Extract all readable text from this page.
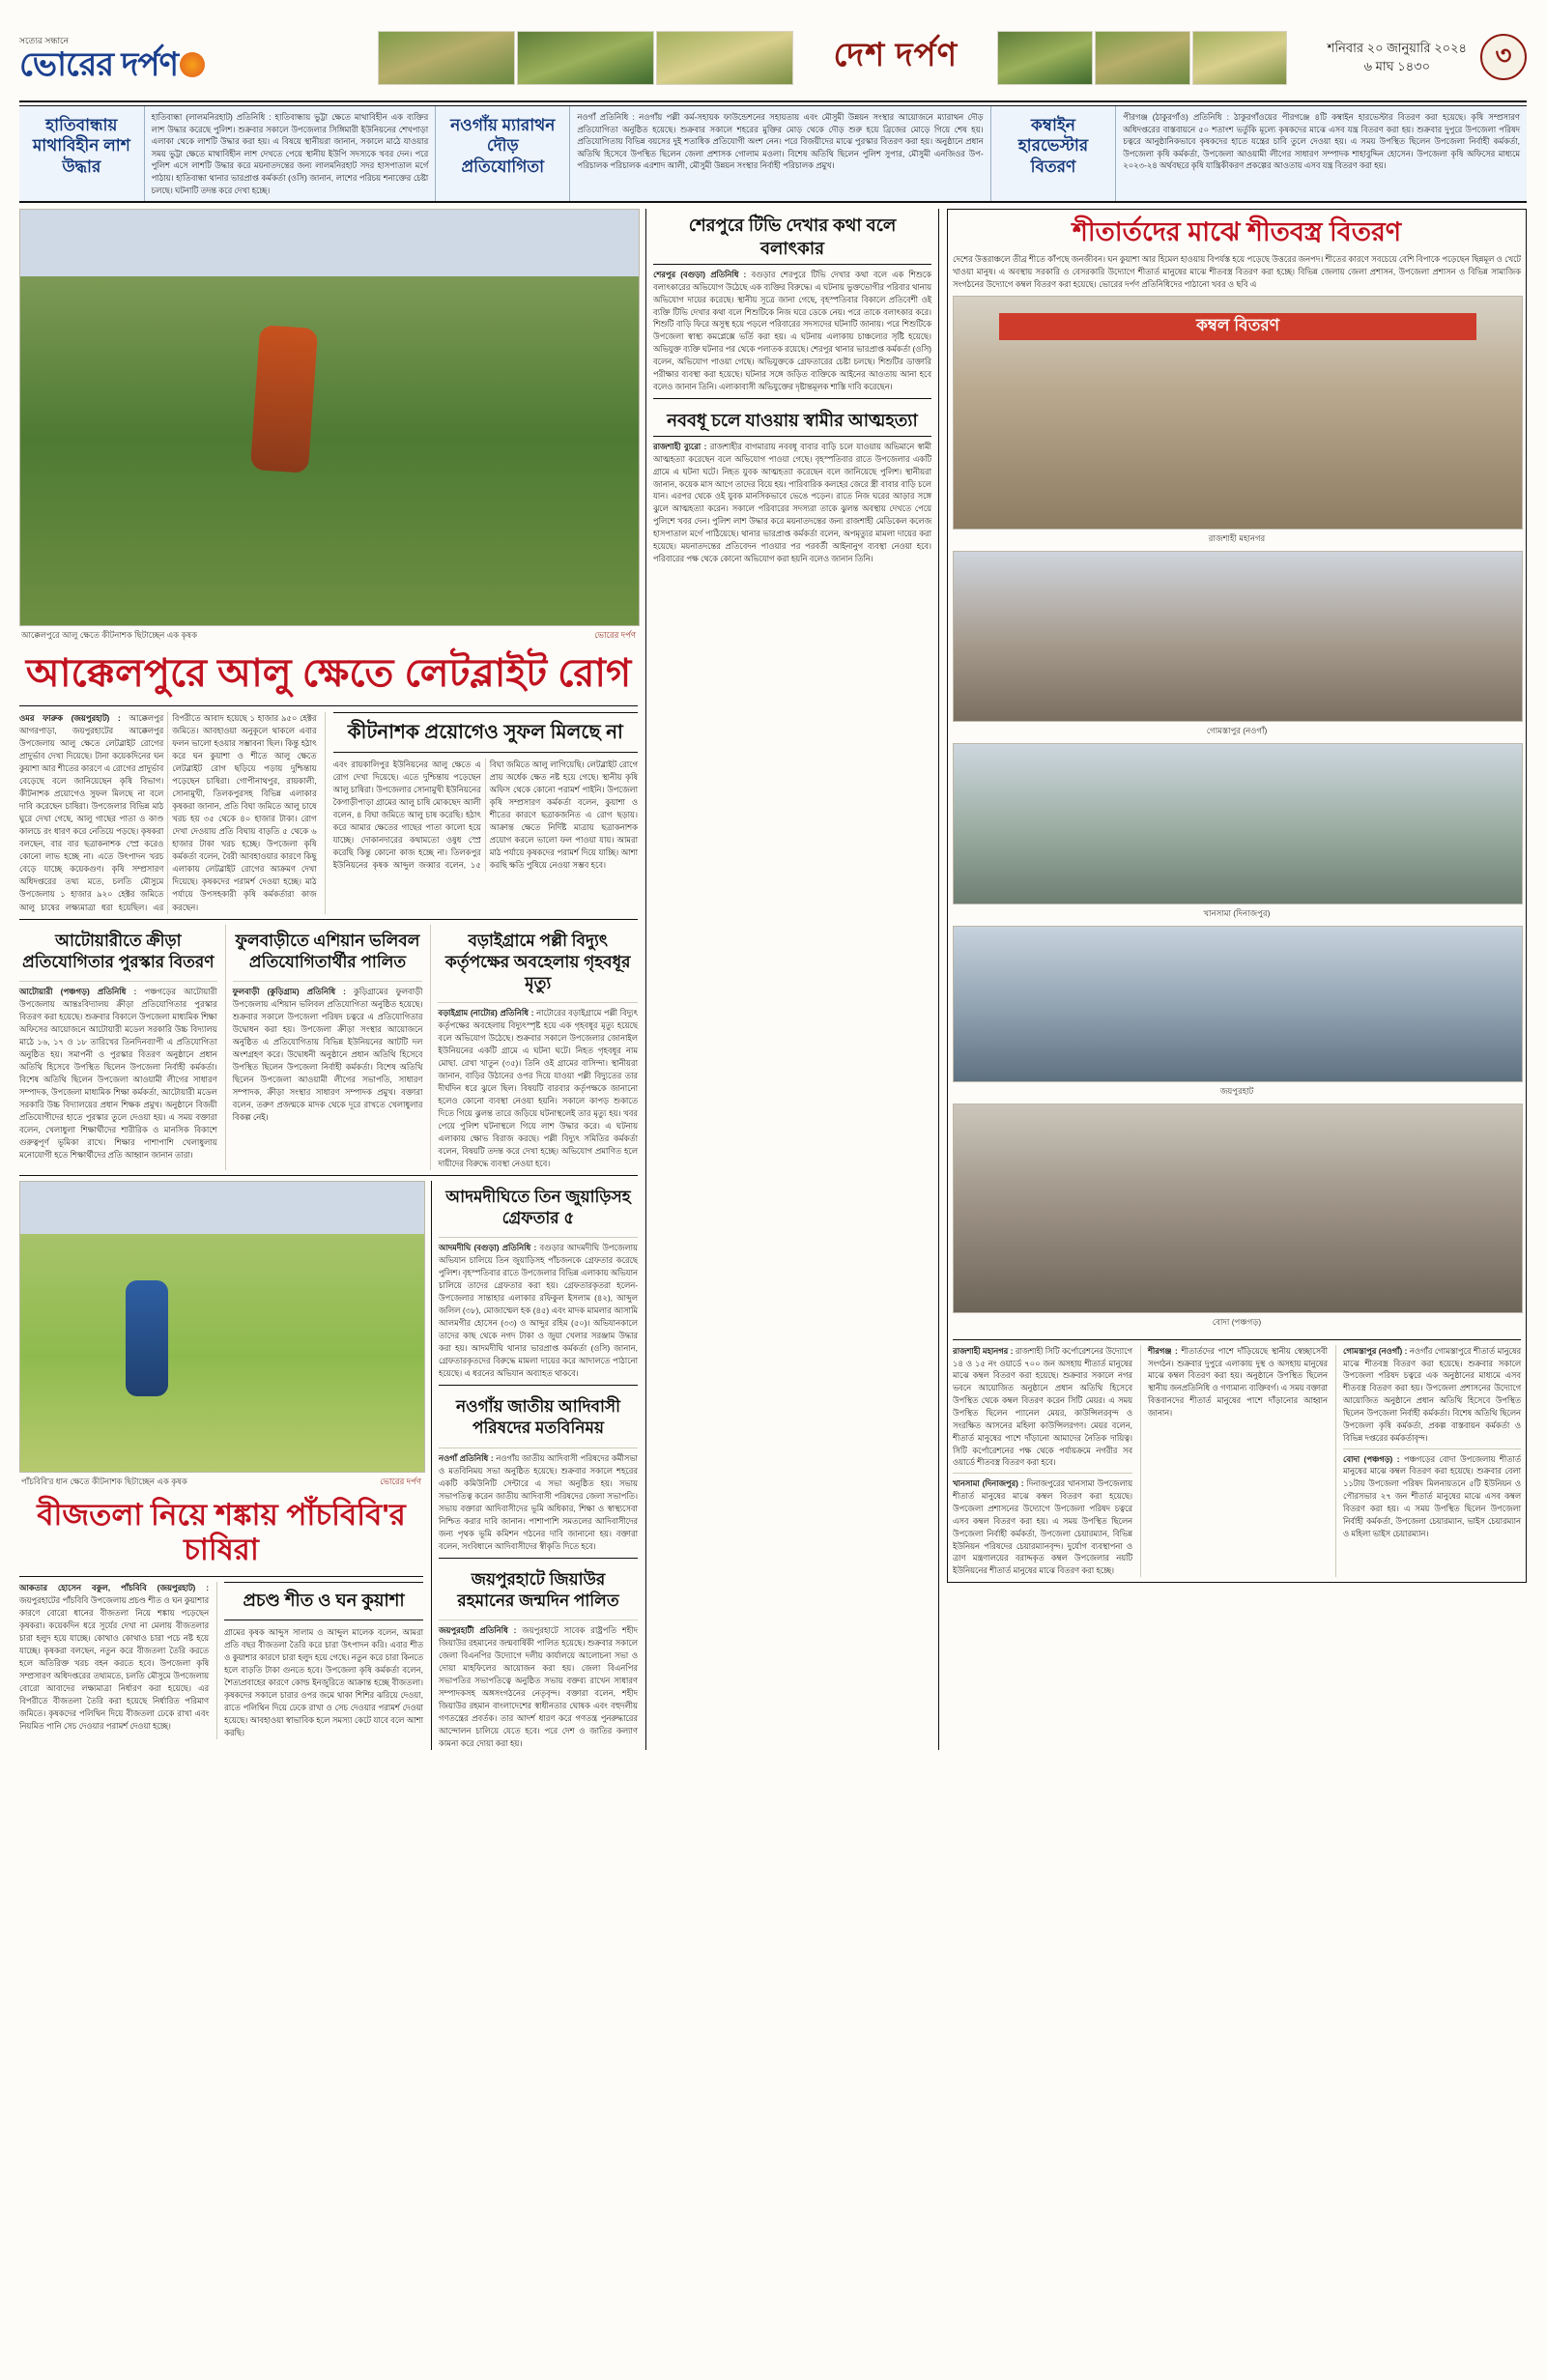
সত্যের সন্ধানে
ভোরের দর্পণ	দেশ দর্পণ	শনিবার ২০ জানুয়ারি ২০২৪
৬ মাঘ ১৪৩০	৩
হাতিবান্ধায় মাথাবিহীন লাশ উদ্ধার
হাতিবান্ধা (লালমনিরহাট) প্রতিনিধি : হাতিবান্ধায় ভুট্টা ক্ষেতে মাথাবিহীন এক ব্যক্তির লাশ উদ্ধার করেছে পুলিশ। শুক্রবার সকালে উপজেলার সিঙ্গিমারী ইউনিয়নের শেখপাড়া এলাকা থেকে লাশটি উদ্ধার করা হয়। এ বিষয়ে স্থানীয়রা জানান, সকালে মাঠে যাওয়ার সময় ভুট্টা ক্ষেতে মাথাবিহীন লাশ দেখতে পেয়ে স্থানীয় ইউপি সদস্যকে খবর দেন। পরে পুলিশ এসে লাশটি উদ্ধার করে ময়নাতদন্তের জন্য লালমনিরহাট সদর হাসপাতাল মর্গে পাঠায়। হাতিবান্ধা থানার ভারপ্রাপ্ত কর্মকর্তা (ওসি) জানান, লাশের পরিচয় শনাক্তের চেষ্টা চলছে। ঘটনাটি তদন্ত করে দেখা হচ্ছে।
নওগাঁয় ম্যারাথন দৌড় প্রতিযোগিতা
নওগাঁ প্রতিনিধি : নওগাঁয় পল্লী কর্ম-সহায়ক ফাউন্ডেশনের সহায়তায় এবং মৌসুমী উন্নয়ন সংস্থার আয়োজনে ম্যারাথন দৌড় প্রতিযোগিতা অনুষ্ঠিত হয়েছে। শুক্রবার সকালে শহরের মুক্তির মোড় থেকে দৌড় শুরু হয়ে ব্রিজের মোড়ে গিয়ে শেষ হয়। প্রতিযোগিতায় বিভিন্ন বয়সের দুই শতাধিক প্রতিযোগী অংশ নেন। পরে বিজয়ীদের মাঝে পুরস্কার বিতরণ করা হয়। অনুষ্ঠানে প্রধান অতিথি হিসেবে উপস্থিত ছিলেন জেলা প্রশাসক গোলাম মওলা। বিশেষ অতিথি ছিলেন পুলিশ সুপার, মৌসুমী এনজিওর উপ-পরিচালক পরিচালক এরশাদ আলী, মৌসুমী উন্নয়ন সংস্থার নির্বাহী পরিচালক প্রমুখ।
কম্বাইন হারভেস্টার বিতরণ
পীরগঞ্জ (ঠাকুরগাঁও) প্রতিনিধি : ঠাকুরগাঁওয়ের পীরগঞ্জে ৪টি কম্বাইন হারভেস্টার বিতরণ করা হয়েছে। কৃষি সম্প্রসারণ অধিদপ্তরের বাস্তবায়নে ৫০ শতাংশ ভর্তুকি মূল্যে কৃষকদের মাঝে এসব যন্ত্র বিতরণ করা হয়। শুক্রবার দুপুরে উপজেলা পরিষদ চত্বরে আনুষ্ঠানিকভাবে কৃষকদের হাতে যন্ত্রের চাবি তুলে দেওয়া হয়। এ সময় উপস্থিত ছিলেন উপজেলা নির্বাহী কর্মকর্তা, উপজেলা কৃষি কর্মকর্তা, উপজেলা আওয়ামী লীগের সাধারণ সম্পাদক শাহাবুদ্দিন হোসেন। উপজেলা কৃষি অফিসের মাধ্যমে ২০২৩-২৪ অর্থবছরে কৃষি যান্ত্রিকীকরণ প্রকল্পের আওতায় এসব যন্ত্র বিতরণ করা হয়।
আক্কেলপুরে আলু ক্ষেতে কীটনাশক ছিটাচ্ছেন এক কৃষক	ভোরের দর্পণ
আক্কেলপুরে আলু ক্ষেতে লেটব্লাইট রোগ
ওমর ফারুক (জয়পুরহাট) : আক্কেলপুর আগরপাড়া, জয়পুরহাটের আক্কেলপুর উপজেলায় আলু ক্ষেতে লেটব্লাইট রোগের প্রাদুর্ভাব দেখা দিয়েছে। টানা কয়েকদিনের ঘন কুয়াশা আর শীতের কারণে এ রোগের প্রাদুর্ভাব বেড়েছে বলে জানিয়েছেন কৃষি বিভাগ। কীটনাশক প্রয়োগেও সুফল মিলছে না বলে দাবি করেছেন চাষিরা। উপজেলার বিভিন্ন মাঠ ঘুরে দেখা গেছে, আলু গাছের পাতা ও কাণ্ড কালচে রং ধারণ করে নেতিয়ে পড়ছে। কৃষকরা বলছেন, বার বার ছত্রাকনাশক স্প্রে করেও কোনো লাভ হচ্ছে না। এতে উৎপাদন খরচ বেড়ে যাচ্ছে কয়েকগুণ। কৃষি সম্প্রসারণ অধিদপ্তরের তথ্য মতে, চলতি মৌসুমে উপজেলায় ১ হাজার ৯২০ হেক্টর জমিতে আলু চাষের লক্ষ্যমাত্রা ধরা হয়েছিল। এর বিপরীতে আবাদ হয়েছে ১ হাজার ৯৫০ হেক্টর জমিতে। আবহাওয়া অনুকূলে থাকলে এবার ফলন ভালো হওয়ার সম্ভাবনা ছিল। কিন্তু হঠাৎ করে ঘন কুয়াশা ও শীতে আলু ক্ষেতে লেটব্লাইট রোগ ছড়িয়ে পড়ায় দুশ্চিন্তায় পড়েছেন চাষিরা। গোপীনাথপুর, রায়কালী, সোনামুখী, তিলকপুরসহ বিভিন্ন এলাকার কৃষকরা জানান, প্রতি বিঘা জমিতে আলু চাষে খরচ হয় ৩৫ থেকে ৪০ হাজার টাকা। রোগ দেখা দেওয়ায় প্রতি বিঘায় বাড়তি ৫ থেকে ৬ হাজার টাকা খরচ হচ্ছে। উপজেলা কৃষি কর্মকর্তা বলেন, বৈরী আবহাওয়ার কারণে কিছু এলাকায় লেটব্লাইট রোগের আক্রমণ দেখা দিয়েছে। কৃষকদের পরামর্শ দেওয়া হচ্ছে। মাঠ পর্যায়ে উপসহকারী কৃষি কর্মকর্তারা কাজ করছেন।
কীটনাশক প্রয়োগেও সুফল মিলছে না
এবং রায়কালিপুর ইউনিয়নের আলু ক্ষেতে এ রোগ দেখা দিয়েছে। এতে দুশ্চিন্তায় পড়েছেন আলু চাষিরা। উপজেলার সোনামুখী ইউনিয়নের কৈগাড়ীপাড়া গ্রামের আলু চাষি মোকছেদ আলী বলেন, ৪ বিঘা জমিতে আলু চাষ করেছি। হঠাৎ করে আমার ক্ষেতের গাছের পাতা কালো হয়ে যাচ্ছে। দোকানদারের কথামতো ওষুধ স্প্রে করেছি কিন্তু কোনো কাজ হচ্ছে না। তিলকপুর ইউনিয়নের কৃষক আব্দুল জব্বার বলেন, ১৫ বিঘা জমিতে আলু লাগিয়েছি। লেটব্লাইট রোগে প্রায় অর্ধেক ক্ষেত নষ্ট হয়ে গেছে। স্থানীয় কৃষি অফিস থেকে কোনো পরামর্শ পাইনি। উপজেলা কৃষি সম্প্রসারণ কর্মকর্তা বলেন, কুয়াশা ও শীতের কারণে ছত্রাকজনিত এ রোগ ছড়ায়। আক্রান্ত ক্ষেতে নির্দিষ্ট মাত্রায় ছত্রাকনাশক প্রয়োগ করলে ভালো ফল পাওয়া যায়। আমরা মাঠ পর্যায়ে কৃষকদের পরামর্শ দিয়ে যাচ্ছি। আশা করছি ক্ষতি পুষিয়ে নেওয়া সম্ভব হবে।
আটোয়ারীতে ক্রীড়া প্রতিযোগিতার পুরস্কার বিতরণ
আটোয়ারী (পঞ্চগড়) প্রতিনিধি : পঞ্চগড়ের আটোয়ারী উপজেলায় আন্তঃবিদ্যালয় ক্রীড়া প্রতিযোগিতার পুরস্কার বিতরণ করা হয়েছে। শুক্রবার বিকালে উপজেলা মাধ্যমিক শিক্ষা অফিসের আয়োজনে আটোয়ারী মডেল সরকারি উচ্চ বিদ্যালয় মাঠে ১৬, ১৭ ও ১৮ তারিখের তিনদিনব্যাপী এ প্রতিযোগিতা অনুষ্ঠিত হয়। সমাপনী ও পুরস্কার বিতরণ অনুষ্ঠানে প্রধান অতিথি হিসেবে উপস্থিত ছিলেন উপজেলা নির্বাহী কর্মকর্তা। বিশেষ অতিথি ছিলেন উপজেলা আওয়ামী লীগের সাধারণ সম্পাদক, উপজেলা মাধ্যমিক শিক্ষা কর্মকর্তা, আটোয়ারী মডেল সরকারি উচ্চ বিদ্যালয়ের প্রধান শিক্ষক প্রমুখ। অনুষ্ঠানে বিজয়ী প্রতিযোগীদের হাতে পুরস্কার তুলে দেওয়া হয়। এ সময় বক্তারা বলেন, খেলাধুলা শিক্ষার্থীদের শারীরিক ও মানসিক বিকাশে গুরুত্বপূর্ণ ভূমিকা রাখে। শিক্ষার পাশাপাশি খেলাধুলায় মনোযোগী হতে শিক্ষার্থীদের প্রতি আহ্বান জানান তারা।
ফুলবাড়ীতে এশিয়ান ভলিবল প্রতিযোগিতার্থীর পালিত
ফুলবাড়ী (কুড়িগ্রাম) প্রতিনিধি : কুড়িগ্রামের ফুলবাড়ী উপজেলায় এশিয়ান ভলিবল প্রতিযোগিতা অনুষ্ঠিত হয়েছে। শুক্রবার সকালে উপজেলা পরিষদ চত্বরে এ প্রতিযোগিতার উদ্বোধন করা হয়। উপজেলা ক্রীড়া সংস্থার আয়োজনে অনুষ্ঠিত এ প্রতিযোগিতায় বিভিন্ন ইউনিয়নের আটটি দল অংশগ্রহণ করে। উদ্বোধনী অনুষ্ঠানে প্রধান অতিথি হিসেবে উপস্থিত ছিলেন উপজেলা নির্বাহী কর্মকর্তা। বিশেষ অতিথি ছিলেন উপজেলা আওয়ামী লীগের সভাপতি, সাধারণ সম্পাদক, ক্রীড়া সংস্থার সাধারণ সম্পাদক প্রমুখ। বক্তারা বলেন, তরুণ প্রজন্মকে মাদক থেকে দূরে রাখতে খেলাধুলার বিকল্প নেই।
বড়াইগ্রামে পল্লী বিদ্যুৎ কর্তৃপক্ষের অবহেলায় গৃহবধূর মৃত্যু
বড়াইগ্রাম (নাটোর) প্রতিনিধি : নাটোরের বড়াইগ্রামে পল্লী বিদ্যুৎ কর্তৃপক্ষের অবহেলায় বিদ্যুৎস্পৃষ্ট হয়ে এক গৃহবধূর মৃত্যু হয়েছে বলে অভিযোগ উঠেছে। শুক্রবার সকালে উপজেলার জোনাইল ইউনিয়নের একটি গ্রামে এ ঘটনা ঘটে। নিহত গৃহবধূর নাম মোছা. রেখা খাতুন (৩৫)। তিনি ওই গ্রামের বাসিন্দা। স্থানীয়রা জানান, বাড়ির উঠানের ওপর দিয়ে যাওয়া পল্লী বিদ্যুতের তার দীর্ঘদিন ধরে ঝুলে ছিল। বিষয়টি বারবার কর্তৃপক্ষকে জানানো হলেও কোনো ব্যবস্থা নেওয়া হয়নি। সকালে কাপড় শুকাতে দিতে গিয়ে ঝুলন্ত তারে জড়িয়ে ঘটনাস্থলেই তার মৃত্যু হয়। খবর পেয়ে পুলিশ ঘটনাস্থলে গিয়ে লাশ উদ্ধার করে। এ ঘটনায় এলাকায় ক্ষোভ বিরাজ করছে। পল্লী বিদ্যুৎ সমিতির কর্মকর্তা বলেন, বিষয়টি তদন্ত করে দেখা হচ্ছে। অভিযোগ প্রমাণিত হলে দায়ীদের বিরুদ্ধে ব্যবস্থা নেওয়া হবে।
পাঁচবিবি'র ধান ক্ষেতে কীটনাশক ছিটাচ্ছেন এক কৃষক	ভোরের দর্পণ
বীজতলা নিয়ে শঙ্কায় পাঁচবিবি'র চাষিরা
আকতার হোসেন বকুল, পাঁচবিবি (জয়পুরহাট) : জয়পুরহাটের পাঁচবিবি উপজেলায় প্রচণ্ড শীত ও ঘন কুয়াশার কারণে বোরো ধানের বীজতলা নিয়ে শঙ্কায় পড়েছেন কৃষকরা। কয়েকদিন ধরে সূর্যের দেখা না মেলায় বীজতলার চারা হলুদ হয়ে যাচ্ছে। কোথাও কোথাও চারা পচে নষ্ট হয়ে যাচ্ছে। কৃষকরা বলছেন, নতুন করে বীজতলা তৈরি করতে হলে অতিরিক্ত খরচ বহন করতে হবে। উপজেলা কৃষি সম্প্রসারণ অধিদপ্তরের তথ্যমতে, চলতি মৌসুমে উপজেলায় বোরো আবাদের লক্ষ্যমাত্রা নির্ধারণ করা হয়েছে। এর বিপরীতে বীজতলা তৈরি করা হয়েছে নির্ধারিত পরিমাণ জমিতে। কৃষকদের পলিথিন দিয়ে বীজতলা ঢেকে রাখা এবং নিয়মিত পানি সেচ দেওয়ার পরামর্শ দেওয়া হচ্ছে।
প্রচণ্ড শীত ও ঘন কুয়াশা
গ্রামের কৃষক আব্দুস সালাম ও আব্দুল মালেক বলেন, আমরা প্রতি বছর বীজতলা তৈরি করে চারা উৎপাদন করি। এবার শীত ও কুয়াশার কারণে চারা হলুদ হয়ে গেছে। নতুন করে চারা কিনতে হলে বাড়তি টাকা গুনতে হবে। উপজেলা কৃষি কর্মকর্তা বলেন, শৈত্যপ্রবাহের কারণে কোল্ড ইনজুরিতে আক্রান্ত হচ্ছে বীজতলা। কৃষকদের সকালে চারার ওপর জমে থাকা শিশির ঝরিয়ে দেওয়া, রাতে পলিথিন দিয়ে ঢেকে রাখা ও সেচ দেওয়ার পরামর্শ দেওয়া হয়েছে। আবহাওয়া স্বাভাবিক হলে সমস্যা কেটে যাবে বলে আশা করছি।
আদমদীঘিতে তিন জুয়াড়িসহ গ্রেফতার ৫
আদমদীঘি (বগুড়া) প্রতিনিধি : বগুড়ার আদমদীঘি উপজেলায় অভিযান চালিয়ে তিন জুয়াড়িসহ পাঁচজনকে গ্রেফতার করেছে পুলিশ। বৃহস্পতিবার রাতে উপজেলার বিভিন্ন এলাকায় অভিযান চালিয়ে তাদের গ্রেফতার করা হয়। গ্রেফতারকৃতরা হলেন- উপজেলার সান্তাহার এলাকার রফিকুল ইসলাম (৪২), আব্দুল জলিল (৩৮), মোজাম্মেল হক (৪৫) এবং মাদক মামলার আসামি আলমগীর হোসেন (৩৩) ও আব্দুর রহিম (৫০)। অভিযানকালে তাদের কাছ থেকে নগদ টাকা ও জুয়া খেলার সরঞ্জাম উদ্ধার করা হয়। আদমদীঘি থানার ভারপ্রাপ্ত কর্মকর্তা (ওসি) জানান, গ্রেফতারকৃতদের বিরুদ্ধে মামলা দায়ের করে আদালতে পাঠানো হয়েছে। এ ধরনের অভিযান অব্যাহত থাকবে।
নওগাঁয় জাতীয় আদিবাসী পরিষদের মতবিনিময়
নওগাঁ প্রতিনিধি : নওগাঁয় জাতীয় আদিবাসী পরিষদের কর্মীসভা ও মতবিনিময় সভা অনুষ্ঠিত হয়েছে। শুক্রবার সকালে শহরের একটি কমিউনিটি সেন্টারে এ সভা অনুষ্ঠিত হয়। সভায় সভাপতিত্ব করেন জাতীয় আদিবাসী পরিষদের জেলা সভাপতি। সভায় বক্তারা আদিবাসীদের ভূমি অধিকার, শিক্ষা ও স্বাস্থ্যসেবা নিশ্চিত করার দাবি জানান। পাশাপাশি সমতলের আদিবাসীদের জন্য পৃথক ভূমি কমিশন গঠনের দাবি জানানো হয়। বক্তারা বলেন, সংবিধানে আদিবাসীদের স্বীকৃতি দিতে হবে।
জয়পুরহাটে জিয়াউর রহমানের জন্মদিন পালিত
জয়পুরহাটী প্রতিনিধি : জয়পুরহাটে সাবেক রাষ্ট্রপতি শহীদ জিয়াউর রহমানের জন্মবার্ষিকী পালিত হয়েছে। শুক্রবার সকালে জেলা বিএনপির উদ্যোগে দলীয় কার্যালয়ে আলোচনা সভা ও দোয়া মাহফিলের আয়োজন করা হয়। জেলা বিএনপির সভাপতির সভাপতিত্বে অনুষ্ঠিত সভায় বক্তব্য রাখেন সাধারণ সম্পাদকসহ অঙ্গসংগঠনের নেতৃবৃন্দ। বক্তারা বলেন, শহীদ জিয়াউর রহমান বাংলাদেশের স্বাধীনতার ঘোষক এবং বহুদলীয় গণতন্ত্রের প্রবর্তক। তার আদর্শ ধারণ করে গণতন্ত্র পুনরুদ্ধারের আন্দোলন চালিয়ে যেতে হবে। পরে দেশ ও জাতির কল্যাণ কামনা করে দোয়া করা হয়।
শেরপুরে টিভি দেখার কথা বলে বলাৎকার
শেরপুর (বগুড়া) প্রতিনিধি : বগুড়ার শেরপুরে টিভি দেখার কথা বলে এক শিশুকে বলাৎকারের অভিযোগ উঠেছে এক ব্যক্তির বিরুদ্ধে। এ ঘটনায় ভুক্তভোগীর পরিবার থানায় অভিযোগ দায়ের করেছে। স্থানীয় সূত্রে জানা গেছে, বৃহস্পতিবার বিকালে প্রতিবেশী ওই ব্যক্তি টিভি দেখার কথা বলে শিশুটিকে নিজ ঘরে ডেকে নেয়। পরে তাকে বলাৎকার করে। শিশুটি বাড়ি ফিরে অসুস্থ হয়ে পড়লে পরিবারের সদস্যদের ঘটনাটি জানায়। পরে শিশুটিকে উপজেলা স্বাস্থ্য কমপ্লেক্সে ভর্তি করা হয়। এ ঘটনায় এলাকায় চাঞ্চল্যের সৃষ্টি হয়েছে। অভিযুক্ত ব্যক্তি ঘটনার পর থেকে পলাতক রয়েছে। শেরপুর থানার ভারপ্রাপ্ত কর্মকর্তা (ওসি) বলেন, অভিযোগ পাওয়া গেছে। অভিযুক্তকে গ্রেফতারের চেষ্টা চলছে। শিশুটির ডাক্তারি পরীক্ষার ব্যবস্থা করা হয়েছে। ঘটনার সঙ্গে জড়িত ব্যক্তিকে আইনের আওতায় আনা হবে বলেও জানান তিনি। এলাকাবাসী অভিযুক্তের দৃষ্টান্তমূলক শাস্তি দাবি করেছেন।
নববধূ চলে যাওয়ায় স্বামীর আত্মহত্যা
রাজশাহী ব্যুরো : রাজশাহীর বাগমারায় নববধূ বাবার বাড়ি চলে যাওয়ায় অভিমানে স্বামী আত্মহত্যা করেছেন বলে অভিযোগ পাওয়া গেছে। বৃহস্পতিবার রাতে উপজেলার একটি গ্রামে এ ঘটনা ঘটে। নিহত যুবক আত্মহত্যা করেছেন বলে জানিয়েছে পুলিশ। স্থানীয়রা জানান, কয়েক মাস আগে তাদের বিয়ে হয়। পারিবারিক কলহের জেরে স্ত্রী বাবার বাড়ি চলে যান। এরপর থেকে ওই যুবক মানসিকভাবে ভেঙে পড়েন। রাতে নিজ ঘরের আড়ার সঙ্গে ঝুলে আত্মহত্যা করেন। সকালে পরিবারের সদস্যরা তাকে ঝুলন্ত অবস্থায় দেখতে পেয়ে পুলিশে খবর দেন। পুলিশ লাশ উদ্ধার করে ময়নাতদন্তের জন্য রাজশাহী মেডিকেল কলেজ হাসপাতাল মর্গে পাঠিয়েছে। থানার ভারপ্রাপ্ত কর্মকর্তা বলেন, অপমৃত্যুর মামলা দায়ের করা হয়েছে। ময়নাতদন্তের প্রতিবেদন পাওয়ার পর পরবর্তী আইনানুগ ব্যবস্থা নেওয়া হবে। পরিবারের পক্ষ থেকে কোনো অভিযোগ করা হয়নি বলেও জানান তিনি।
শীতার্তদের মাঝে শীতবস্ত্র বিতরণ
দেশের উত্তরাঞ্চলে তীব্র শীতে কাঁপছে জনজীবন। ঘন কুয়াশা আর হিমেল হাওয়ায় বিপর্যস্ত হয়ে পড়েছে উত্তরের জনপদ। শীতের কারণে সবচেয়ে বেশি বিপাকে পড়েছেন ছিন্নমূল ও খেটে খাওয়া মানুষ। এ অবস্থায় সরকারি ও বেসরকারি উদ্যোগে শীতার্ত মানুষের মাঝে শীতবস্ত্র বিতরণ করা হচ্ছে। বিভিন্ন জেলায় জেলা প্রশাসন, উপজেলা প্রশাসন ও বিভিন্ন সামাজিক সংগঠনের উদ্যোগে কম্বল বিতরণ করা হয়েছে। ভোরের দর্পণ প্রতিনিধিদের পাঠানো খবর ও ছবি এ
কম্বল বিতরণ
রাজশাহী মহানগর
গোমস্তাপুর (নওগাঁ)
খানসামা (দিনাজপুর)
জয়পুরহাট
বোদা (পঞ্চগড়)
রাজশাহী মহানগর : রাজশাহী সিটি কর্পোরেশনের উদ্যোগে ১৪ ও ১৫ নং ওয়ার্ডে ৭০০ জন অসহায় শীতার্ত মানুষের মাঝে কম্বল বিতরণ করা হয়েছে। শুক্রবার সকালে নগর ভবনে আয়োজিত অনুষ্ঠানে প্রধান অতিথি হিসেবে উপস্থিত থেকে কম্বল বিতরণ করেন সিটি মেয়র। এ সময় উপস্থিত ছিলেন প্যানেল মেয়র, কাউন্সিলরবৃন্দ ও সংরক্ষিত আসনের মহিলা কাউন্সিলরগণ। মেয়র বলেন, শীতার্ত মানুষের পাশে দাঁড়ানো আমাদের নৈতিক দায়িত্ব। সিটি কর্পোরেশনের পক্ষ থেকে পর্যায়ক্রমে নগরীর সব ওয়ার্ডে শীতবস্ত্র বিতরণ করা হবে।
খানসামা (দিনাজপুর) : দিনাজপুরের খানসামা উপজেলায় শীতার্ত মানুষের মাঝে কম্বল বিতরণ করা হয়েছে। উপজেলা প্রশাসনের উদ্যোগে উপজেলা পরিষদ চত্বরে এসব কম্বল বিতরণ করা হয়। এ সময় উপস্থিত ছিলেন উপজেলা নির্বাহী কর্মকর্তা, উপজেলা চেয়ারম্যান, বিভিন্ন ইউনিয়ন পরিষদের চেয়ারম্যানবৃন্দ। দুর্যোগ ব্যবস্থাপনা ও ত্রাণ মন্ত্রণালয়ের বরাদ্দকৃত কম্বল উপজেলার নয়টি ইউনিয়নের শীতার্ত মানুষের মাঝে বিতরণ করা হচ্ছে।
শীরগঞ্জ : শীতার্তদের পাশে দাঁড়িয়েছে স্থানীয় স্বেচ্ছাসেবী সংগঠন। শুক্রবার দুপুরে এলাকায় দুস্থ ও অসহায় মানুষের মাঝে কম্বল বিতরণ করা হয়। অনুষ্ঠানে উপস্থিত ছিলেন স্থানীয় জনপ্রতিনিধি ও গণ্যমান্য ব্যক্তিবর্গ। এ সময় বক্তারা বিত্তবানদের শীতার্ত মানুষের পাশে দাঁড়ানোর আহ্বান জানান।
গোমস্তাপুর (নওগাঁ) : নওগাঁর গোমস্তাপুরে শীতার্ত মানুষের মাঝে শীতবস্ত্র বিতরণ করা হয়েছে। শুক্রবার সকালে উপজেলা পরিষদ চত্বরে এক অনুষ্ঠানের মাধ্যমে এসব শীতবস্ত্র বিতরণ করা হয়। উপজেলা প্রশাসনের উদ্যোগে আয়োজিত অনুষ্ঠানে প্রধান অতিথি হিসেবে উপস্থিত ছিলেন উপজেলা নির্বাহী কর্মকর্তা। বিশেষ অতিথি ছিলেন উপজেলা কৃষি কর্মকর্তা, প্রকল্প বাস্তবায়ন কর্মকর্তা ও বিভিন্ন দপ্তরের কর্মকর্তাবৃন্দ।
বোদা (পঞ্চগড়) : পঞ্চগড়ের বোদা উপজেলায় শীতার্ত মানুষের মাঝে কম্বল বিতরণ করা হয়েছে। শুক্রবার বেলা ১১টায় উপজেলা পরিষদ মিলনায়তনে ৫টি ইউনিয়ন ও পৌরসভার ২৭ জন শীতার্ত মানুষের মাঝে এসব কম্বল বিতরণ করা হয়। এ সময় উপস্থিত ছিলেন উপজেলা নির্বাহী কর্মকর্তা, উপজেলা চেয়ারম্যান, ভাইস চেয়ারম্যান ও মহিলা ভাইস চেয়ারম্যান।
